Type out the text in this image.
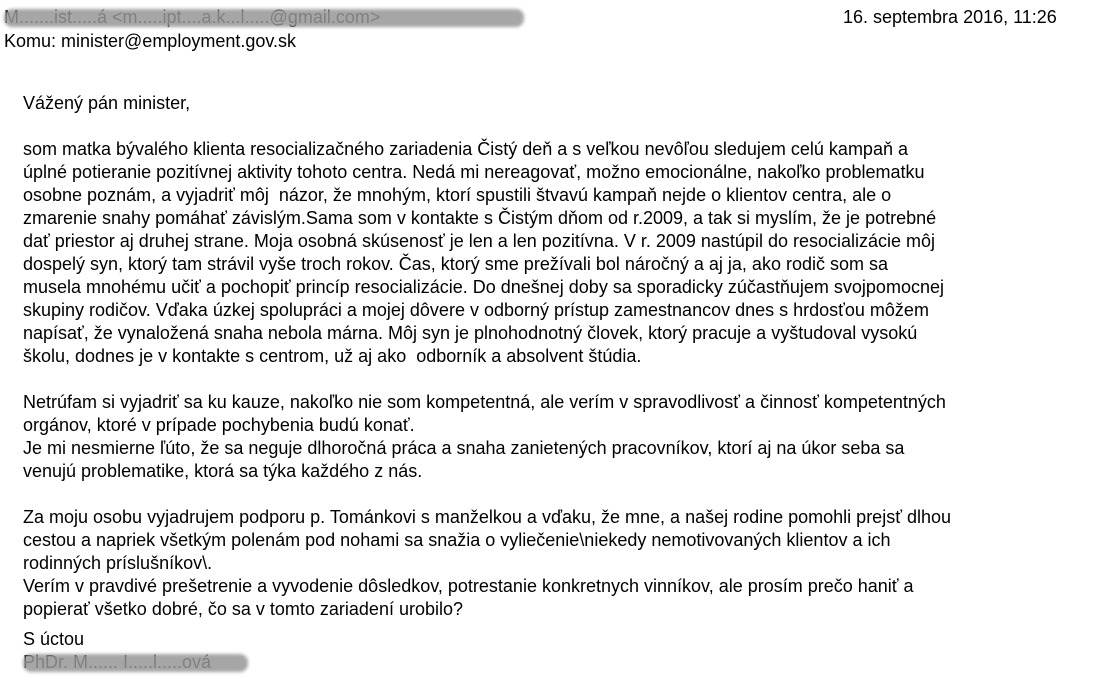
16. septembra 2016, 11:26
Komu: minister@employment.gov.sk

Vážený pán minister,

som matka bývalého klienta resocializačného zariadenia Čistý deň a s veľkou nevôľou sledujem celú kampaň a
úplné potieranie pozitívnej aktivity tohoto centra. Nedá mi nereagovať, možno emocionálne, nakoľko problematku
osobne poznám, a vyjadriť môj  názor, že mnohým, ktorí spustili štvavú kampaň nejde o klientov centra, ale o
zmarenie snahy pomáhať závislým.Sama som v kontakte s Čistým dňom od r.2009, a tak si myslím, že je potrebné
dať priestor aj druhej strane. Moja osobná skúsenosť je len a len pozitívna. V r. 2009 nastúpil do resocializácie môj
dospelý syn, ktorý tam strávil vyše troch rokov. Čas, ktorý sme prežívali bol náročný a aj ja, ako rodič som sa
musela mnohému učiť a pochopiť princíp resocializácie. Do dnešnej doby sa sporadicky zúčastňujem svojpomocnej
skupiny rodičov. Vďaka úzkej spolupráci a mojej dôvere v odborný prístup zamestnancov dnes s hrdosťou môžem
napísať, že vynaložená snaha nebola márna. Môj syn je plnohodnotný človek, ktorý pracuje a vyštudoval vysokú
školu, dodnes je v kontakte s centrom, už aj ako  odborník a absolvent štúdia.

Netrúfam si vyjadriť sa ku kauze, nakoľko nie som kompetentná, ale verím v spravodlivosť a činnosť kompetentných
orgánov, ktoré v prípade pochybenia budú konať.
Je mi nesmierne ľúto, že sa neguje dlhoročná práca a snaha zanietených pracovníkov, ktorí aj na úkor seba sa
venujú problematike, ktorá sa týka každého z nás.

Za moju osobu vyjadrujem podporu p. Tománkovi s manželkou a vďaku, že mne, a našej rodine pomohli prejsť dlhou
cestou a napriek všetkým polenám pod nohami sa snažia o vyliečenie\niekedy nemotivovaných klientov a ich
rodinných príslušníkov\.
Verím v pravdivé prešetrenie a vyvodenie dôsledkov, potrestanie konkretnych vinníkov, ale prosím prečo haniť a
popierať všetko dobré, čo sa v tomto zariadení urobilo?

S úctou
